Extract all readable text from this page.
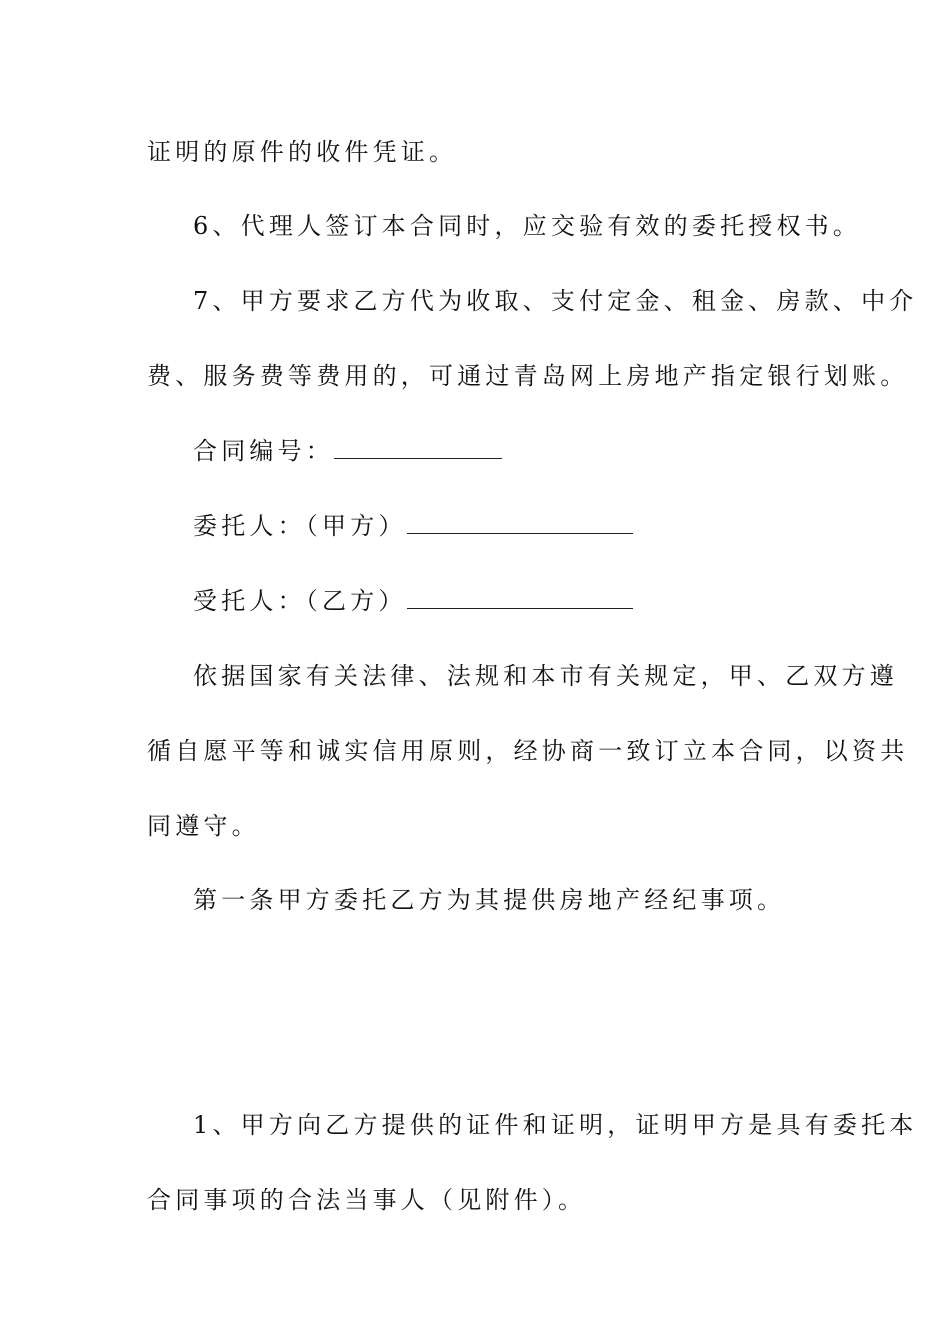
证明的原件的收件凭证。
6、代理人签订本合同时，应交验有效的委托授权书。
7、甲方要求乙方代为收取、支付定金、租金、房款、中介
费、服务费等费用的，可通过青岛网上房地产指定银行划账。
合同编号：
委托人：（甲方）
受托人：（乙方）
依据国家有关法律、法规和本市有关规定，甲、乙双方遵
循自愿平等和诚实信用原则，经协商一致订立本合同，以资共
同遵守。
第一条甲方委托乙方为其提供房地产经纪事项。
1、甲方向乙方提供的证件和证明，证明甲方是具有委托本
合同事项的合法当事人（见附件）。
